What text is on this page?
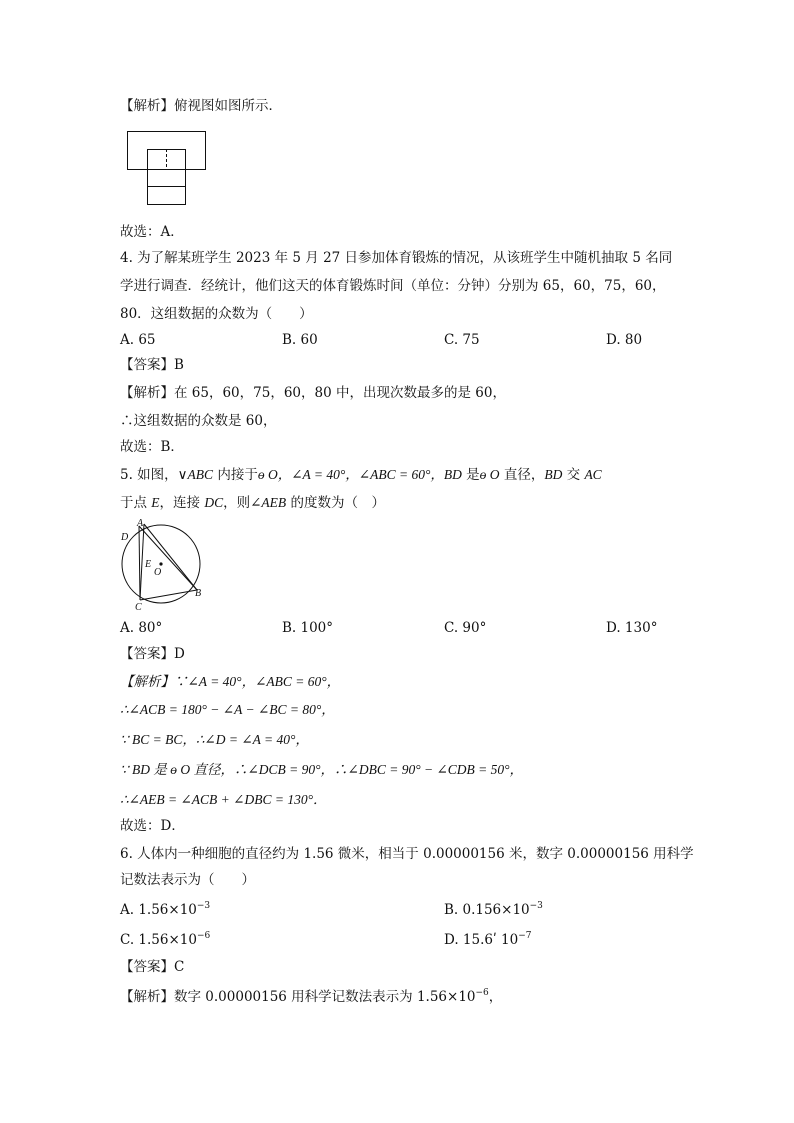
【解析】俯视图如图所示．
故选：A．
4. 为了解某班学生 2023 年 5 月 27 日参加体育锻炼的情况，从该班学生中随机抽取 5 名同
学进行调查．经统计，他们这天的体育锻炼时间（单位：分钟）分别为 65，60，75，60，
80．这组数据的众数为（　　）
A. 65	B. 60	C. 75	D. 80
【答案】B
【解析】在 65，60，75，60，80 中，出现次数最多的是 60，
∴这组数据的众数是 60，
故选：B．
5. 如图，∨ABC 内接于ɵ O，∠A = 40°，∠ABC = 60°，BD 是ɵ O 直径，BD 交 AC
于点 E，连接 DC，则∠AEB 的度数为（　）
A
D
E
O
C
B
A. 80°	B. 100°	C. 90°	D. 130°
【答案】D
【解析】∵∠A = 40°，∠ABC = 60°，
∴∠ACB = 180° − ∠A − ∠BC = 80°，
∵ BC = BC，∴∠D = ∠A = 40°，
∵ BD 是 ɵ O 直径，∴∠DCB = 90°，∴∠DBC = 90° − ∠CDB = 50°，
∴∠AEB = ∠ACB + ∠DBC = 130°．
故选：D．
6. 人体内一种细胞的直径约为 1.56 微米，相当于 0.00000156 米，数字 0.00000156 用科学
记数法表示为（　　）
A. $1.56\times 10^{-3}$	B. $0.156\times 10^{-3}$
C. $1.56\times 10^{-6}$	D. 15.6ʹ $10^{-7}$
【答案】C
【解析】数字 0.00000156 用科学记数法表示为 $1.56\times 10^{-6}$，
